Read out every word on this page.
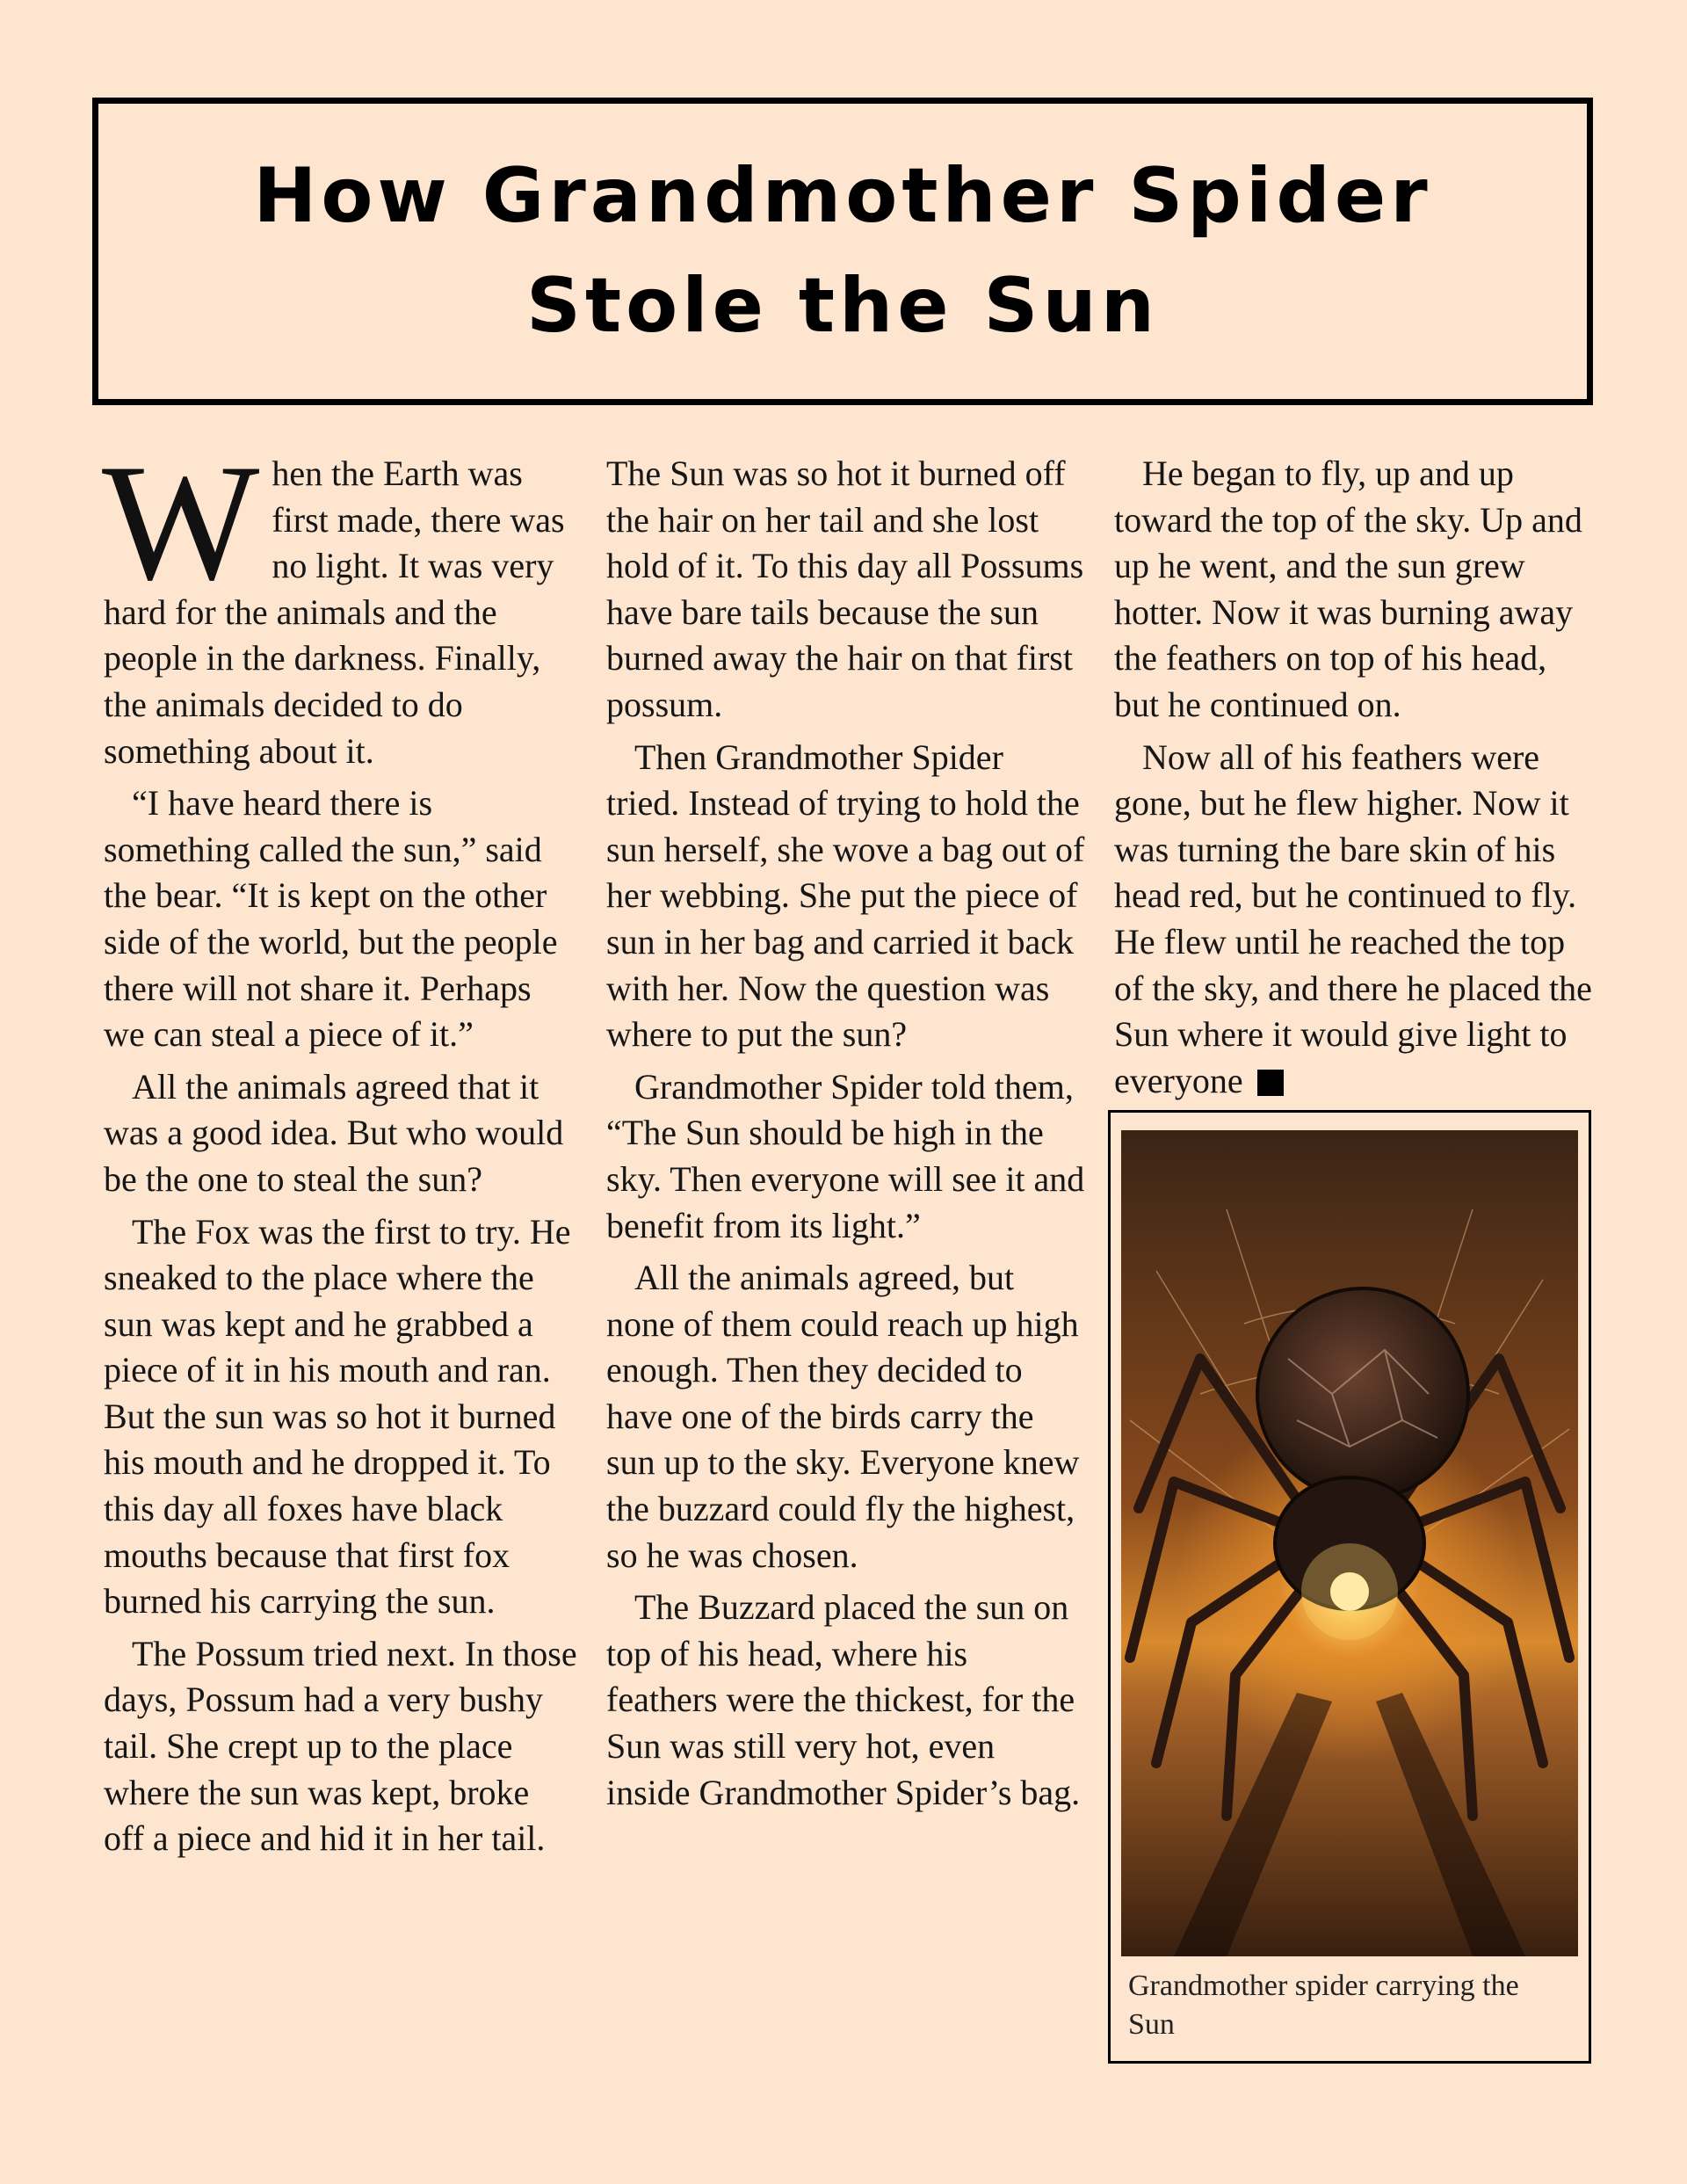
How Grandmother Spider
Stole the Sun

When the Earth was first made, there was no light. It was very hard for the animals and the people in the darkness. Finally, the animals decided to do something about it.

“I have heard there is something called the sun,” said the bear. “It is kept on the other side of the world, but the people there will not share it. Perhaps we can steal a piece of it.”

All the animals agreed that it was a good idea. But who would be the one to steal the sun?

The Fox was the first to try. He sneaked to the place where the sun was kept and he grabbed a piece of it in his mouth and ran. But the sun was so hot it burned his mouth and he dropped it. To this day all foxes have black mouths because that first fox burned his carrying the sun.

The Possum tried next. In those days, Possum had a very bushy tail. She crept up to the place where the sun was kept, broke off a piece and hid it in her tail.

The Sun was so hot it burned off the hair on her tail and she lost hold of it. To this day all Possums have bare tails because the sun burned away the hair on that first possum.

Then Grandmother Spider tried. Instead of trying to hold the sun herself, she wove a bag out of her webbing. She put the piece of sun in her bag and carried it back with her. Now the question was where to put the sun?

Grandmother Spider told them, “The Sun should be high in the sky. Then everyone will see it and benefit from its light.”

All the animals agreed, but none of them could reach up high enough. Then they decided to have one of the birds carry the sun up to the sky. Everyone knew the buzzard could fly the highest, so he was chosen.

The Buzzard placed the sun on top of his head, where his feathers were the thickest, for the Sun was still very hot, even inside Grandmother Spider’s bag.

He began to fly, up and up toward the top of the sky. Up and up he went, and the sun grew hotter. Now it was burning away the feathers on top of his head, but he continued on.

Now all of his feathers were gone, but he flew higher. Now it was turning the bare skin of his head red, but he continued to fly. He flew until he reached the top of the sky, and there he placed the Sun where it would give light to everyone

Grandmother spider carrying the Sun
